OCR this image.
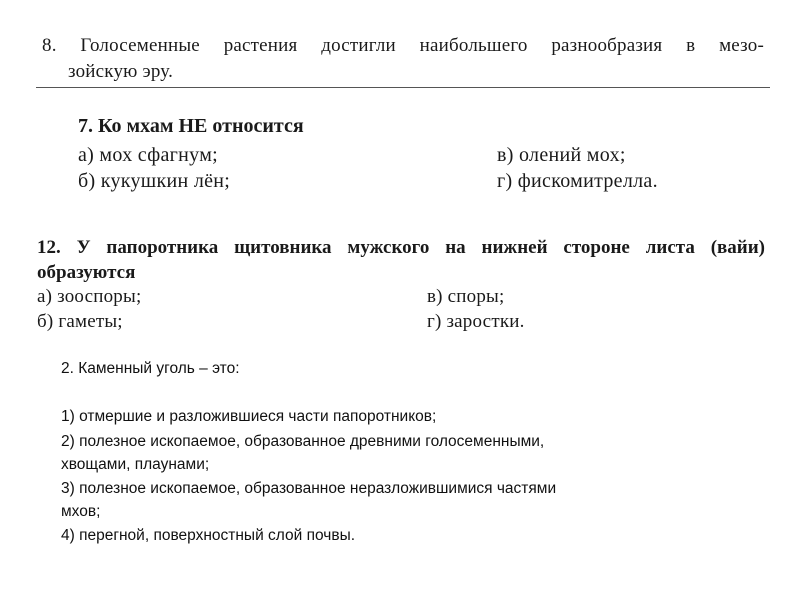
8. Голосеменные растения достигли наибольшего разнообразия в мезо-

зойскую эру.

7. Ко мхам НЕ относится

а) мох сфагнум;

б) кукушкин лён;

в) олений мох;

г) фискомитрелла.

12. У папоротника щитовника мужского на нижней стороне листа (вайи)

образуются

а) зооспоры;

б) гаметы;

в) споры;

г) заростки.

2. Каменный уголь – это:

1) отмершие и разложившиеся части папоротников;

2) полезное ископаемое, образованное древними голосеменными,

хвощами, плаунами;

3) полезное ископаемое, образованное неразложившимися частями

мхов;

4) перегной, поверхностный слой почвы.
